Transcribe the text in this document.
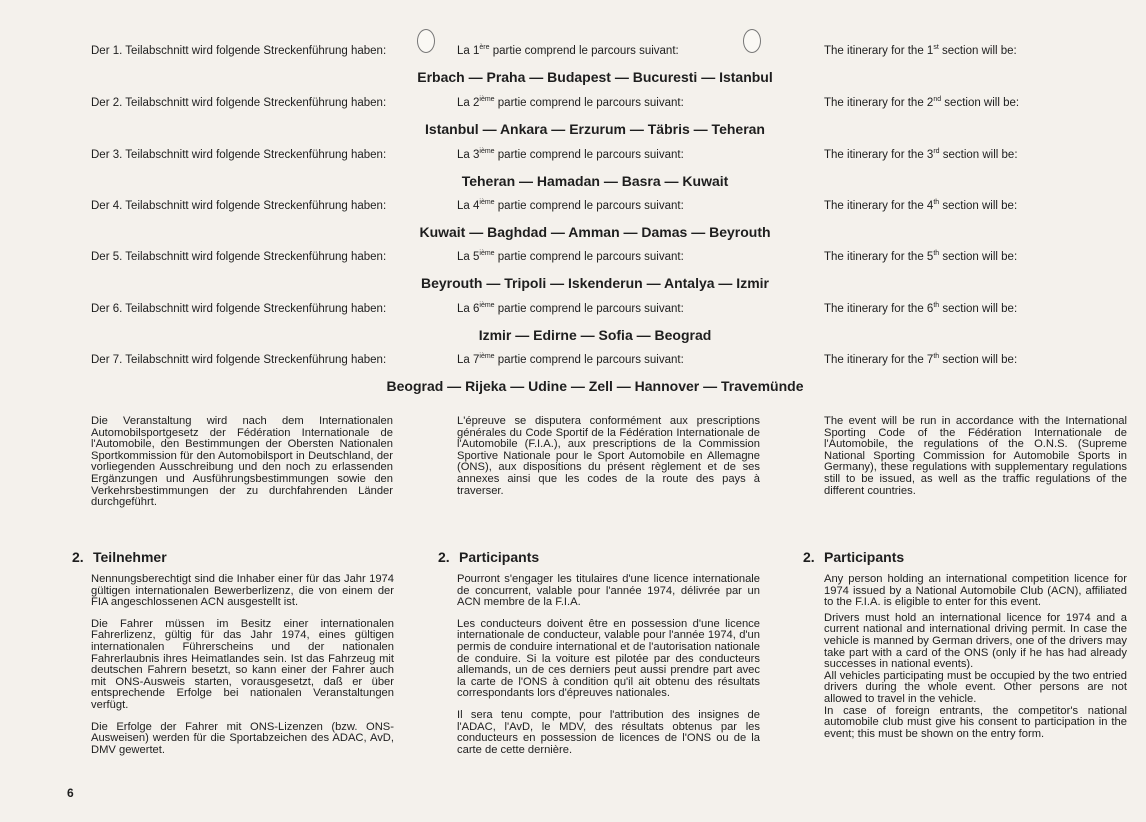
Der 1. Teilabschnitt wird folgende Streckenführung haben:	La 1ère partie comprend le parcours suivant:	The itinerary for the 1st section will be:
Erbach — Praha — Budapest — Bucuresti — Istanbul
Der 2. Teilabschnitt wird folgende Streckenführung haben:	La 2ième partie comprend le parcours suivant:	The itinerary for the 2nd section will be:
Istanbul — Ankara — Erzurum — Täbris — Teheran
Der 3. Teilabschnitt wird folgende Streckenführung haben:	La 3ième partie comprend le parcours suivant:	The itinerary for the 3rd section will be:
Teheran — Hamadan — Basra — Kuwait
Der 4. Teilabschnitt wird folgende Streckenführung haben:	La 4ième partie comprend le parcours suivant:	The itinerary for the 4th section will be:
Kuwait — Baghdad — Amman — Damas — Beyrouth
Der 5. Teilabschnitt wird folgende Streckenführung haben:	La 5ième partie comprend le parcours suivant:	The itinerary for the 5th section will be:
Beyrouth — Tripoli — Iskenderun — Antalya — Izmir
Der 6. Teilabschnitt wird folgende Streckenführung haben:	La 6ième partie comprend le parcours suivant:	The itinerary for the 6th section will be:
Izmir — Edirne — Sofia — Beograd
Der 7. Teilabschnitt wird folgende Streckenführung haben:	La 7ième partie comprend le parcours suivant:	The itinerary for the 7th section will be:
Beograd — Rijeka — Udine — Zell — Hannover — Travemünde
Die Veranstaltung wird nach dem Internationalen Automobilsportgesetz der Fédération Internationale de l'Automobile, den Bestimmungen der Obersten Nationalen Sportkommission für den Automobilsport in Deutschland, der vorliegenden Ausschreibung und den noch zu erlassenden Ergänzungen und Ausführungsbestimmungen sowie den Verkehrsbestimmungen der zu durchfahrenden Länder durchgeführt.
L'épreuve se disputera conformément aux prescriptions générales du Code Sportif de la Fédération Internationale de l'Automobile (F.I.A.), aux prescriptions de la Commission Sportive Nationale pour le Sport Automobile en Allemagne (ONS), aux dispositions du présent règlement et de ses annexes ainsi que les codes de la route des pays à traverser.
The event will be run in accordance with the International Sporting Code of the Fédération Internationale de l'Automobile, the regulations of the O.N.S. (Supreme National Sporting Commission for Automobile Sports in Germany), these regulations with supplementary regulations still to be issued, as well as the traffic regulations of the different countries.
2. Teilnehmer	2. Participants	2. Participants

Nennungsberechtigt sind die Inhaber einer für das Jahr 1974 gültigen internationalen Bewerberlizenz, die von einem der FIA angeschlossenen ACN ausgestellt ist.

Die Fahrer müssen im Besitz einer internationalen Fahrerlizenz, gültig für das Jahr 1974, eines gültigen internationalen Führerscheins und der nationalen Fahrerlaubnis ihres Heimatlandes sein. Ist das Fahrzeug mit deutschen Fahrern besetzt, so kann einer der Fahrer auch mit ONS-Ausweis starten, vorausgesetzt, daß er über entsprechende Erfolge bei nationalen Veranstaltungen verfügt.

Die Erfolge der Fahrer mit ONS-Lizenzen (bzw. ONS-Ausweisen) werden für die Sportabzeichen des ADAC, AvD, DMV gewertet.

Pourront s'engager les titulaires d'une licence internationale de concurrent, valable pour l'année 1974, délivrée par un ACN membre de la F.I.A.

Les conducteurs doivent être en possession d'une licence internationale de conducteur, valable pour l'année 1974, d'un permis de conduire international et de l'autorisation nationale de conduire. Si la voiture est pilotée par des conducteurs allemands, un de ces derniers peut aussi prendre part avec la carte de l'ONS à condition qu'il ait obtenu des résultats correspondants lors d'épreuves nationales.

Il sera tenu compte, pour l'attribution des insignes de l'ADAC, l'AvD, le MDV, des résultats obtenus par les conducteurs en possession de licences de l'ONS ou de la carte de cette dernière.

Any person holding an international competition licence for 1974 issued by a National Automobile Club (ACN), affiliated to the F.I.A. is eligible to enter for this event.

Drivers must hold an international licence for 1974 and a current national and international driving permit. In case the vehicle is manned by German drivers, one of the drivers may take part with a card of the ONS (only if he has had already successes in national events).

All vehicles participating must be occupied by the two entried drivers during the whole event. Other persons are not allowed to travel in the vehicle.

In case of foreign entrants, the competitor's national automobile club must give his consent to participation in the event; this must be shown on the entry form.

6
